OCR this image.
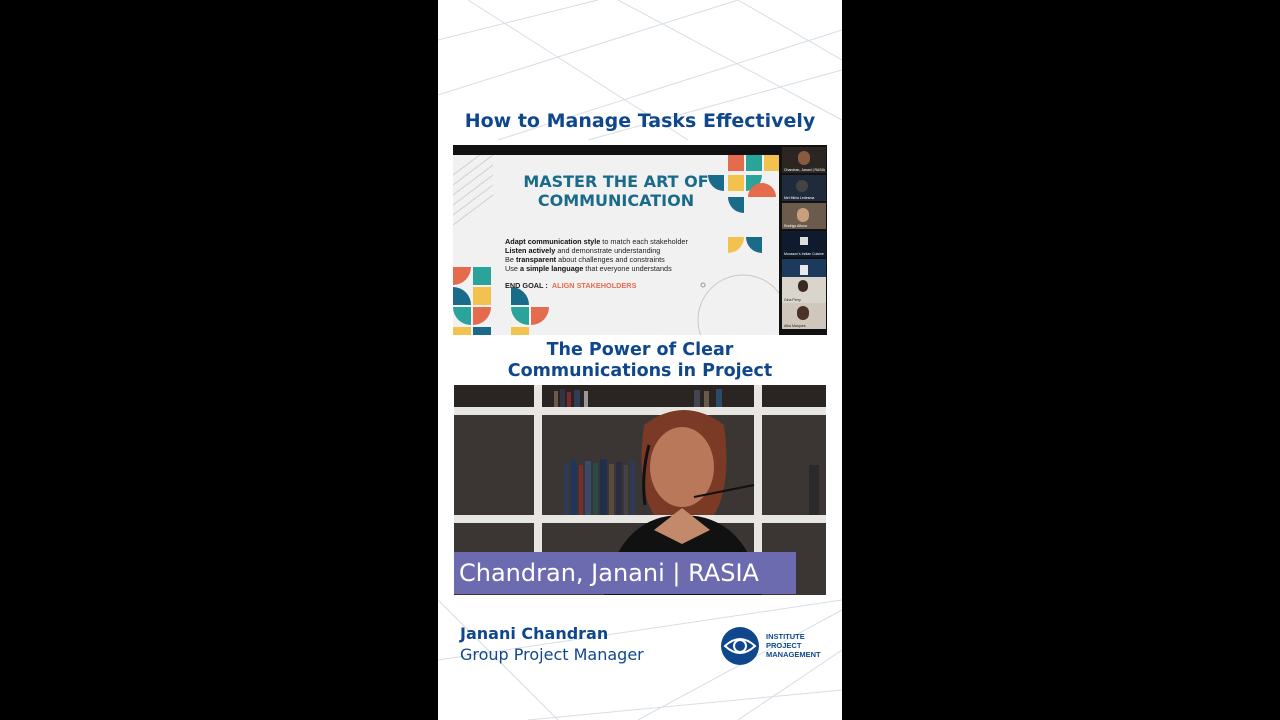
How to Manage Tasks Effectively
MASTER THE ART OF
COMMUNICATION
Adapt communication style to match each stakeholder
Listen actively and demonstrate understanding
Be transparent about challenges and constraints
Use a simple language that everyone understands
END GOAL : ALIGN STAKEHOLDERS
Chandran, Janani | RASIA
Mel Minia Ledesma
Rodrigo Altuna
Mousson's Indian Cuisine
Gina Perry
Alba Marques
The Power of Clear
Communications in Project
Chandran, Janani | RASIA
Janani Chandran
Group Project Manager
INSTITUTE
PROJECT
MANAGEMENT
